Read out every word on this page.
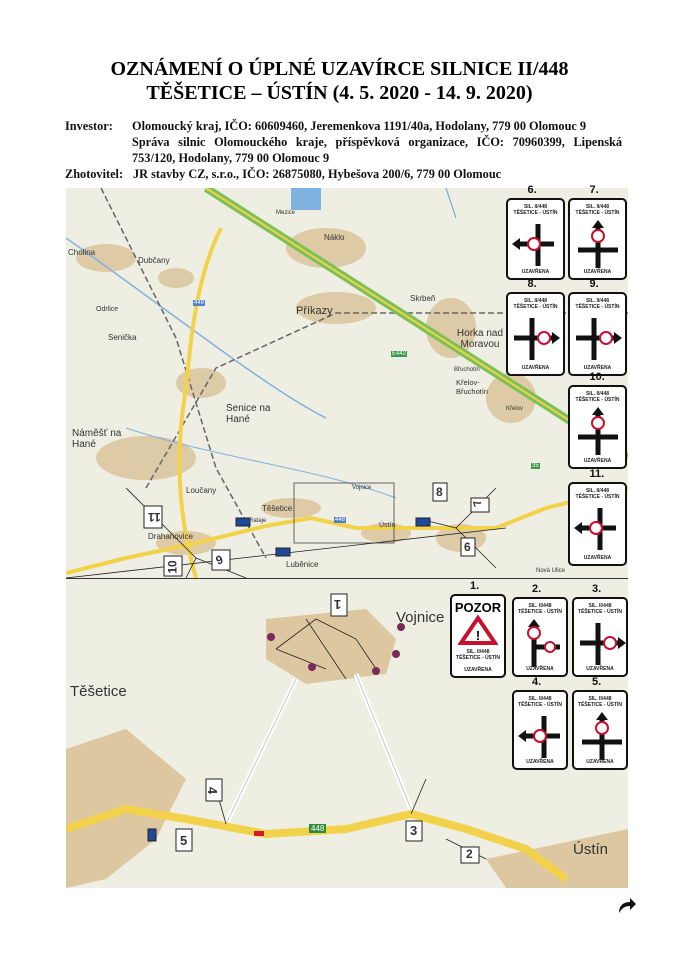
OZNÁMENÍ O ÚPLNÉ UZAVÍRCE SILNICE II/448
TĚŠETICE – ÚSTÍN (4. 5. 2020 - 14. 9. 2020)
Investor: Olomoucký kraj, IČO: 60609460, Jeremenkova 1191/40a, Hodolany, 779 00 Olomouc 9
Správa silnic Olomouckého kraje, příspěvková organizace, IČO: 70960399, Lipenská
753/120, Hodolany, 779 00 Olomouc 9
Zhotovitel: JR stavby CZ, s.r.o., IČO: 26875080, Hybešova 200/6, 779 00 Olomouc
Cholina
Dubčany
Odrlice
Senička
Náklo
Příkazy
Skrbeň
Horka nad Moravou
Senice na Hané
Náměšť na Hané
Křelov-Břuchotín
Loučany
Těšetice
Rataje
Vojnice
Ústín
Drahanovice
Luběnice
Mezice
Křelov
Nová Ulice
Břuchotín
449
448
E442
35
11
10	9
8
7
6
Těšetice
Vojnice
Ústín
448
1
4
5
3
2
1.
POZOR
!
SIL. II/448
TĚŠETICE - ÚSTÍN
UZAVŘENA
2.
SIL. II/448
TĚŠETICE - ÚSTÍN
UZAVŘENA
3.
SIL. II/448
TĚŠETICE - ÚSTÍN
UZAVŘENA
4.
SIL. II/448
TĚŠETICE - ÚSTÍN
UZAVŘENA
5.
SIL. II/448
TĚŠETICE - ÚSTÍN
UZAVŘENA
6.
SIL. II/448
TĚŠETICE - ÚSTÍN
UZAVŘENA
7.
SIL. II/448
TĚŠETICE - ÚSTÍN
UZAVŘENA
8.
SIL. II/448
TĚŠETICE - ÚSTÍN
UZAVŘENA
9.
SIL. II/448
TĚŠETICE - ÚSTÍN
UZAVŘENA
10.
SIL. II/448
TĚŠETICE - ÚSTÍN
UZAVŘENA
11.
SIL. II/448
TĚŠETICE - ÚSTÍN
UZAVŘENA
